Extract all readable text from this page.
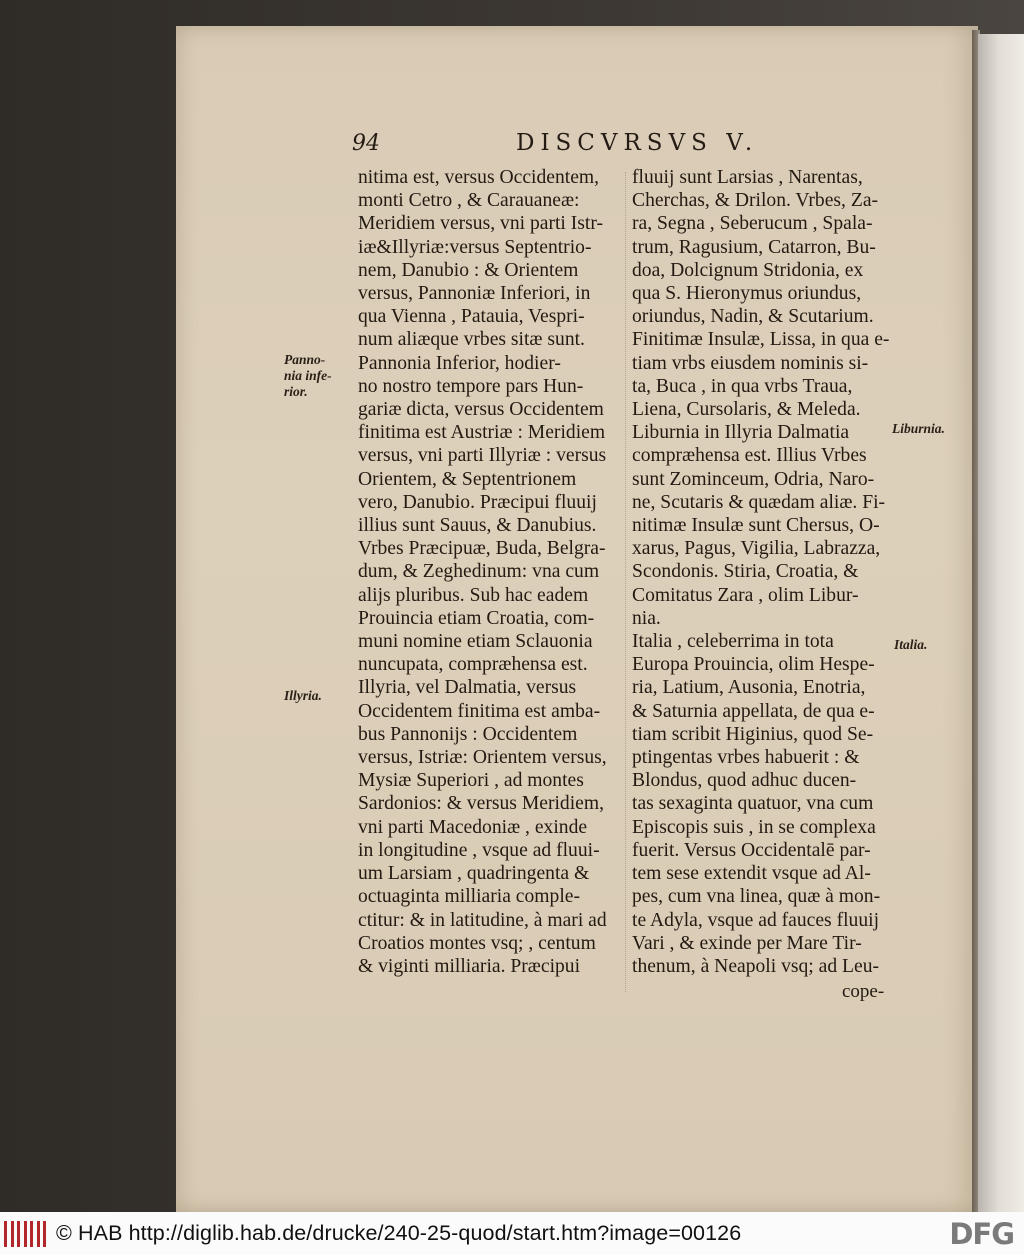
94	DISCVRSVS V.
nitima est, versus Occidentem,
monti Cetro , & Carauaneæ:
Meridiem versus, vni parti Istr-
iæ&Illyriæ:versus Septentrio-
nem, Danubio : & Orientem
versus, Pannoniæ Inferiori, in
qua Vienna , Patauia, Vespri-
num aliæque vrbes sitæ sunt.
Pannonia Inferior, hodier-
no nostro tempore pars Hun-
gariæ dicta, versus Occidentem
finitima est Austriæ : Meridiem
versus, vni parti Illyriæ : versus
Orientem, & Septentrionem
vero, Danubio. Præcipui fluuij
illius sunt Sauus, & Danubius.
Vrbes Præcipuæ, Buda, Belgra-
dum, & Zeghedinum: vna cum
alijs pluribus. Sub hac eadem
Prouincia etiam Croatia, com-
muni nomine etiam Sclauonia
nuncupata, compræhensa est.
Illyria, vel Dalmatia, versus
Occidentem finitima est amba-
bus Pannonijs : Occidentem
versus, Istriæ: Orientem versus,
Mysiæ Superiori , ad montes
Sardonios: & versus Meridiem,
vni parti Macedoniæ , exinde
in longitudine , vsque ad fluui-
um Larsiam , quadringenta &
octuaginta milliaria comple-
ctitur: & in latitudine, à mari ad
Croatios montes vsq; , centum
& viginti milliaria. Præcipui
fluuij sunt Larsias , Narentas,
Cherchas, & Drilon. Vrbes, Za-
ra, Segna , Seberucum , Spala-
trum, Ragusium, Catarron, Bu-
doa, Dolcignum Stridonia, ex
qua S. Hieronymus oriundus,
oriundus, Nadin, & Scutarium.
Finitimæ Insulæ, Lissa, in qua e-
tiam vrbs eiusdem nominis si-
ta, Buca , in qua vrbs Traua,
Liena, Cursolaris, & Meleda.
Liburnia in Illyria Dalmatia
compræhensa est. Illius Vrbes
sunt Zominceum, Odria, Naro-
ne, Scutaris & quædam aliæ. Fi-
nitimæ Insulæ sunt Chersus, O-
xarus, Pagus, Vigilia, Labrazza,
Scondonis. Stiria, Croatia, &
Comitatus Zara , olim Libur-
nia.
Italia , celeberrima in tota
Europa Prouincia, olim Hespe-
ria, Latium, Ausonia, Enotria,
& Saturnia appellata, de qua e-
tiam scribit Higinius, quod Se-
ptingentas vrbes habuerit : &
Blondus, quod adhuc ducen-
tas sexaginta quatuor, vna cum
Episcopis suis , in se complexa
fuerit. Versus Occidentalē par-
tem sese extendit vsque ad Al-
pes, cum vna linea, quæ à mon-
te Adyla, vsque ad fauces fluuij
Vari , & exinde per Mare Tir-
thenum, à Neapoli vsq; ad Leu-
Panno-
nia infe-
rior.
Illyria.
Liburnia.
Italia.
cope-
© HAB http://diglib.hab.de/drucke/240-25-quod/start.htm?image=00126	DFG
